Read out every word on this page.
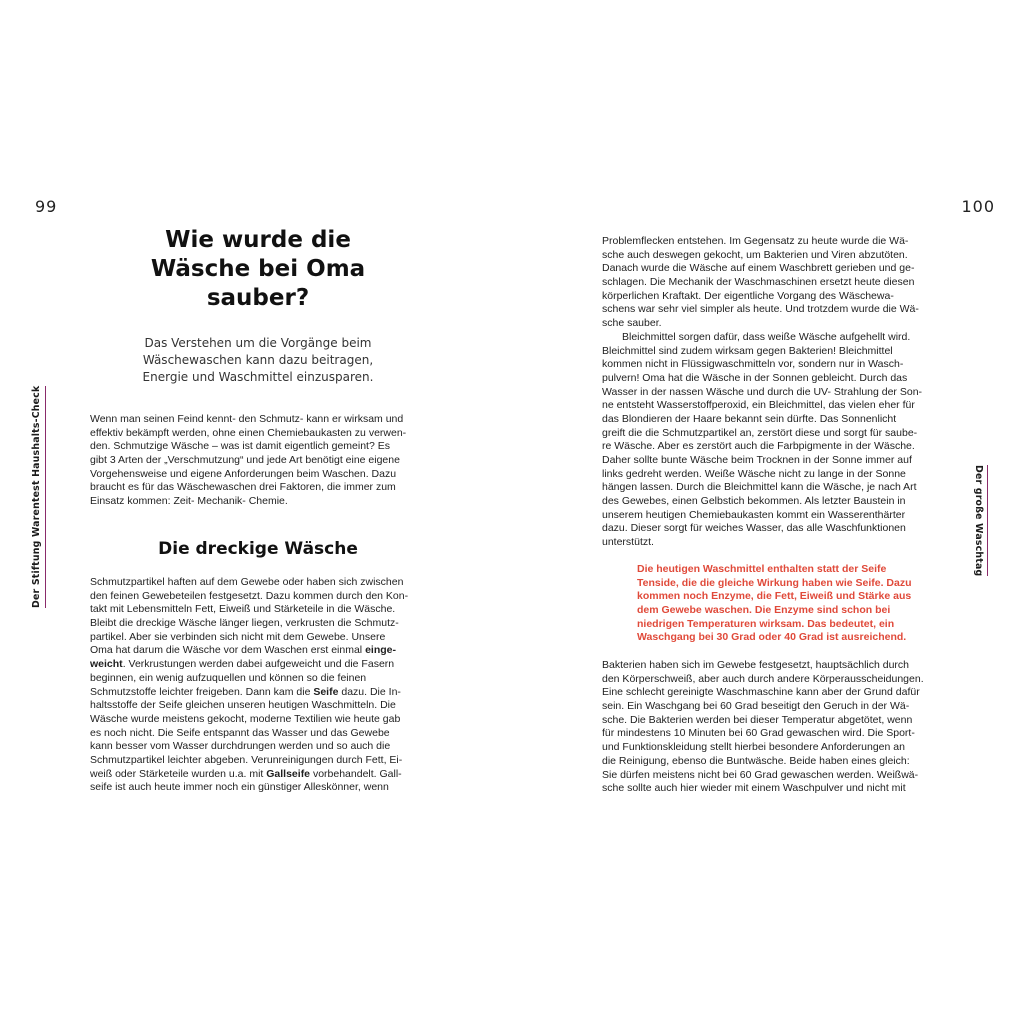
99	100
Der Stiftung Warentest Haushalts-Check	Der große Waschtag
Wie wurde die
Wäsche bei Oma
sauber?
Das Verstehen um die Vorgänge beim
Wäschewaschen kann dazu beitragen,
Energie und Waschmittel einzusparen.
Wenn man seinen Feind kennt- den Schmutz- kann er wirksam und
effektiv bekämpft werden, ohne einen Chemiebaukasten zu verwen-
den. Schmutzige Wäsche – was ist damit eigentlich gemeint? Es
gibt 3 Arten der „Verschmutzung“ und jede Art benötigt eine eigene
Vorgehensweise und eigene Anforderungen beim Waschen. Dazu
braucht es für das Wäschewaschen drei Faktoren, die immer zum
Einsatz kommen: Zeit- Mechanik- Chemie.
Die dreckige Wäsche
Schmutzpartikel haften auf dem Gewebe oder haben sich zwischen
den feinen Gewebeteilen festgesetzt. Dazu kommen durch den Kon-
takt mit Lebensmitteln Fett, Eiweiß und Stärketeile in die Wäsche.
Bleibt die dreckige Wäsche länger liegen, verkrusten die Schmutz-
partikel. Aber sie verbinden sich nicht mit dem Gewebe. Unsere
Oma hat darum die Wäsche vor dem Waschen erst einmal einge-
weicht. Verkrustungen werden dabei aufgeweicht und die Fasern
beginnen, ein wenig aufzuquellen und können so die feinen
Schmutzstoffe leichter freigeben. Dann kam die Seife dazu. Die In-
haltsstoffe der Seife gleichen unseren heutigen Waschmitteln. Die
Wäsche wurde meistens gekocht, moderne Textilien wie heute gab
es noch nicht. Die Seife entspannt das Wasser und das Gewebe
kann besser vom Wasser durchdrungen werden und so auch die
Schmutzpartikel leichter abgeben. Verunreinigungen durch Fett, Ei-
weiß oder Stärketeile wurden u.a. mit Gallseife vorbehandelt. Gall-
seife ist auch heute immer noch ein günstiger Alleskönner, wenn
Problemflecken entstehen. Im Gegensatz zu heute wurde die Wä-
sche auch deswegen gekocht, um Bakterien und Viren abzutöten.
Danach wurde die Wäsche auf einem Waschbrett gerieben und ge-
schlagen. Die Mechanik der Waschmaschinen ersetzt heute diesen
körperlichen Kraftakt. Der eigentliche Vorgang des Wäschewa-
schens war sehr viel simpler als heute. Und trotzdem wurde die Wä-
sche sauber.
Bleichmittel sorgen dafür, dass weiße Wäsche aufgehellt wird.
Bleichmittel sind zudem wirksam gegen Bakterien! Bleichmittel
kommen nicht in Flüssigwaschmitteln vor, sondern nur in Wasch-
pulvern! Oma hat die Wäsche in der Sonnen gebleicht. Durch das
Wasser in der nassen Wäsche und durch die UV- Strahlung der Son-
ne entsteht Wasserstoffperoxid, ein Bleichmittel, das vielen eher für
das Blondieren der Haare bekannt sein dürfte. Das Sonnenlicht
greift die die Schmutzpartikel an, zerstört diese und sorgt für saube-
re Wäsche. Aber es zerstört auch die Farbpigmente in der Wäsche.
Daher sollte bunte Wäsche beim Trocknen in der Sonne immer auf
links gedreht werden. Weiße Wäsche nicht zu lange in der Sonne
hängen lassen. Durch die Bleichmittel kann die Wäsche, je nach Art
des Gewebes, einen Gelbstich bekommen. Als letzter Baustein in
unserem heutigen Chemiebaukasten kommt ein Wasserenthärter
dazu. Dieser sorgt für weiches Wasser, das alle Waschfunktionen
unterstützt.
Die heutigen Waschmittel enthalten statt der Seife
Tenside, die die gleiche Wirkung haben wie Seife. Dazu
kommen noch Enzyme, die Fett, Eiweiß und Stärke aus
dem Gewebe waschen. Die Enzyme sind schon bei
niedrigen Temperaturen wirksam. Das bedeutet, ein
Waschgang bei 30 Grad oder 40 Grad ist ausreichend.
Bakterien haben sich im Gewebe festgesetzt, hauptsächlich durch
den Körperschweiß, aber auch durch andere Körperausscheidungen.
Eine schlecht gereinigte Waschmaschine kann aber der Grund dafür
sein. Ein Waschgang bei 60 Grad beseitigt den Geruch in der Wä-
sche. Die Bakterien werden bei dieser Temperatur abgetötet, wenn
für mindestens 10 Minuten bei 60 Grad gewaschen wird. Die Sport-
und Funktionskleidung stellt hierbei besondere Anforderungen an
die Reinigung, ebenso die Buntwäsche. Beide haben eines gleich:
Sie dürfen meistens nicht bei 60 Grad gewaschen werden. Weißwä-
sche sollte auch hier wieder mit einem Waschpulver und nicht mit
